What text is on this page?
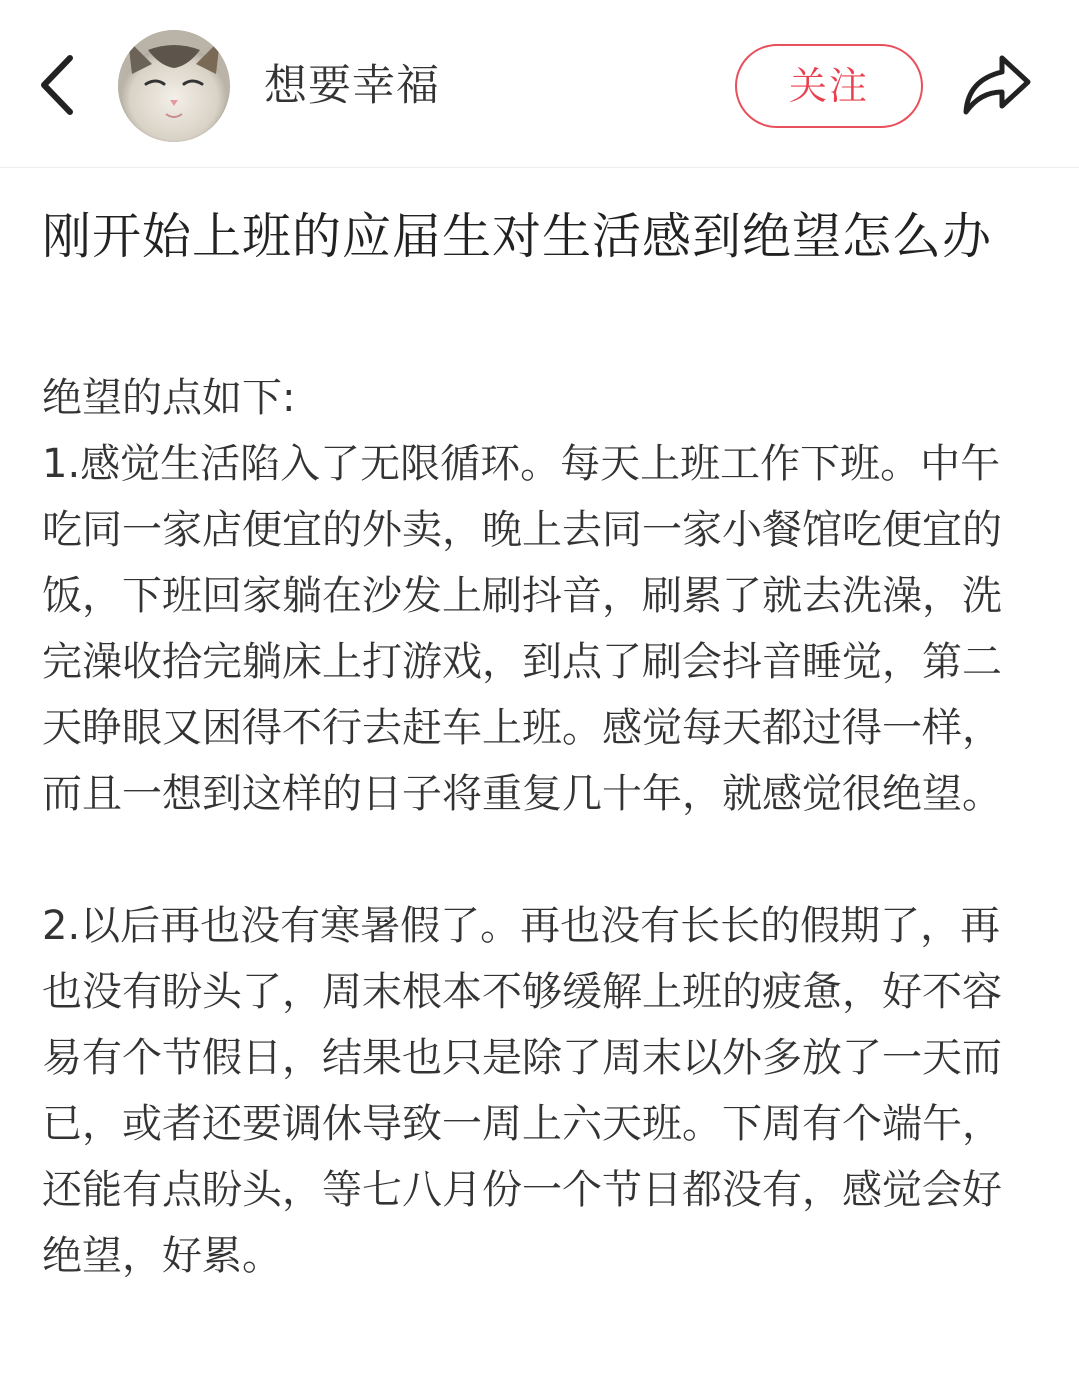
想要幸福	关注
刚开始上班的应届生对生活感到绝望怎么办

绝望的点如下:

1.感觉生活陷入了无限循环。每天上班工作下班。中午吃同一家店便宜的外卖，晚上去同一家小餐馆吃便宜的饭，下班回家躺在沙发上刷抖音，刷累了就去洗澡，洗完澡收拾完躺床上打游戏，到点了刷会抖音睡觉，第二天睁眼又困得不行去赶车上班。感觉每天都过得一样，而且一想到这样的日子将重复几十年，就感觉很绝望。

2.以后再也没有寒暑假了。再也没有长长的假期了，再也没有盼头了，周末根本不够缓解上班的疲惫，好不容易有个节假日，结果也只是除了周末以外多放了一天而已，或者还要调休导致一周上六天班。下周有个端午，还能有点盼头，等七八月份一个节日都没有，感觉会好绝望，好累。
